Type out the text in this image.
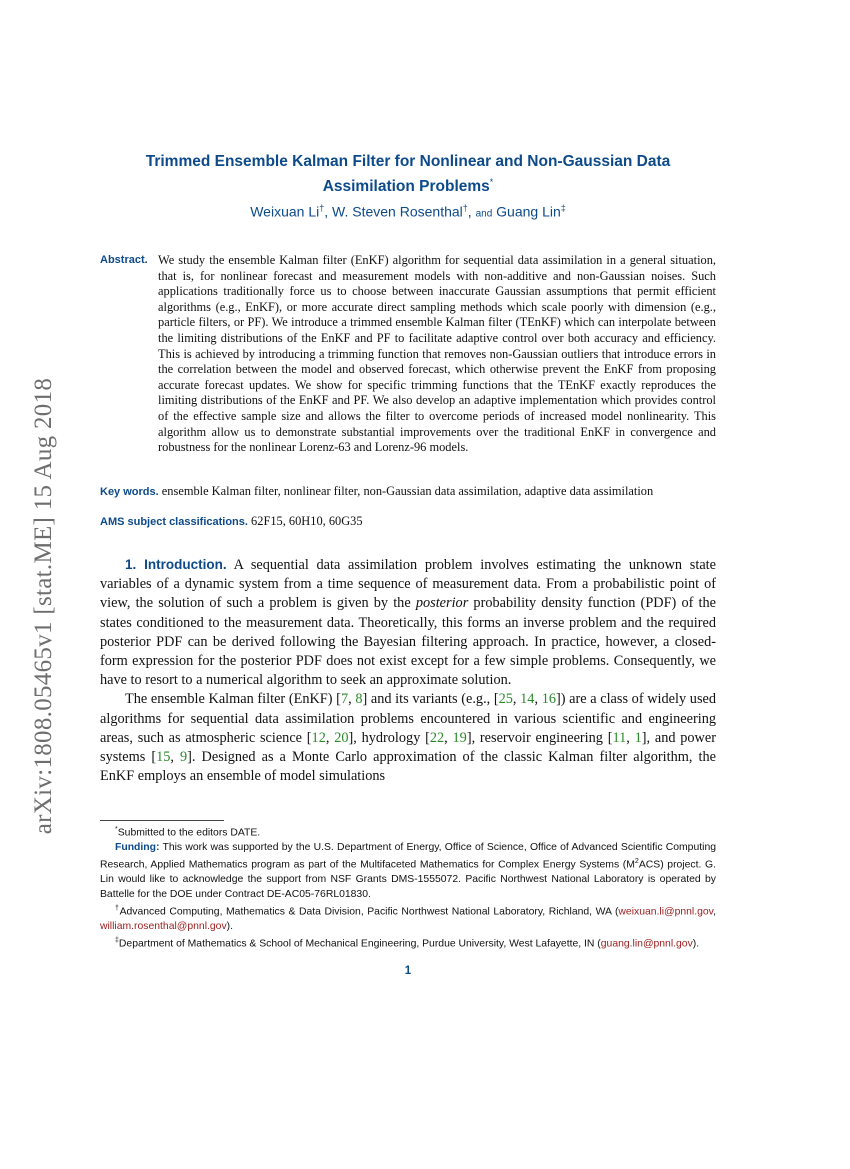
arXiv:1808.05465v1 [stat.ME] 15 Aug 2018
Trimmed Ensemble Kalman Filter for Nonlinear and Non-Gaussian Data
Assimilation Problems*

Weixuan Li†, W. Steven Rosenthal†, and Guang Lin‡

Abstract. We study the ensemble Kalman filter (EnKF) algorithm for sequential data assimilation in a general situation, that is, for nonlinear forecast and measurement models with non-additive and non-Gaussian noises. Such applications traditionally force us to choose between inaccurate Gaussian assumptions that permit efficient algorithms (e.g., EnKF), or more accurate direct sampling methods which scale poorly with dimension (e.g., particle filters, or PF). We introduce a trimmed ensemble Kalman filter (TEnKF) which can interpolate between the limiting distributions of the EnKF and PF to facilitate adaptive control over both accuracy and efficiency. This is achieved by introducing a trimming function that removes non-Gaussian outliers that introduce errors in the correlation between the model and observed forecast, which otherwise prevent the EnKF from proposing accurate forecast updates. We show for specific trimming functions that the TEnKF exactly reproduces the limiting distributions of the EnKF and PF. We also develop an adaptive implementation which provides control of the effective sample size and allows the filter to overcome periods of increased model nonlinearity. This algorithm allow us to demonstrate substantial improvements over the traditional EnKF in convergence and robustness for the nonlinear Lorenz-63 and Lorenz-96 models.

Key words. ensemble Kalman filter, nonlinear filter, non-Gaussian data assimilation, adaptive data assimilation

AMS subject classifications. 62F15, 60H10, 60G35

1. Introduction. A sequential data assimilation problem involves estimating the unknown state variables of a dynamic system from a time sequence of measurement data. From a probabilistic point of view, the solution of such a problem is given by the posterior probability density function (PDF) of the states conditioned to the measurement data. Theoretically, this forms an inverse problem and the required posterior PDF can be derived following the Bayesian filtering approach. In practice, however, a closed-form expression for the posterior PDF does not exist except for a few simple problems. Consequently, we have to resort to a numerical algorithm to seek an approximate solution.

The ensemble Kalman filter (EnKF) [7, 8] and its variants (e.g., [25, 14, 16]) are a class of widely used algorithms for sequential data assimilation problems encountered in various scientific and engineering areas, such as atmospheric science [12, 20], hydrology [22, 19], reservoir engineering [11, 1], and power systems [15, 9]. Designed as a Monte Carlo approximation of the classic Kalman filter algorithm, the EnKF employs an ensemble of model simulations

*Submitted to the editors DATE.

Funding: This work was supported by the U.S. Department of Energy, Office of Science, Office of Advanced Scientific Computing Research, Applied Mathematics program as part of the Multifaceted Mathematics for Complex Energy Systems $(M^2ACS)$ project. G. Lin would like to acknowledge the support from NSF Grants DMS-1555072. Pacific Northwest National Laboratory is operated by Battelle for the DOE under Contract DE-AC05-76RL01830.

†Advanced Computing, Mathematics & Data Division, Pacific Northwest National Laboratory, Richland, WA (weixuan.li@pnnl.gov, william.rosenthal@pnnl.gov).

‡Department of Mathematics & School of Mechanical Engineering, Purdue University, West Lafayette, IN (guang.lin@pnnl.gov).

1
